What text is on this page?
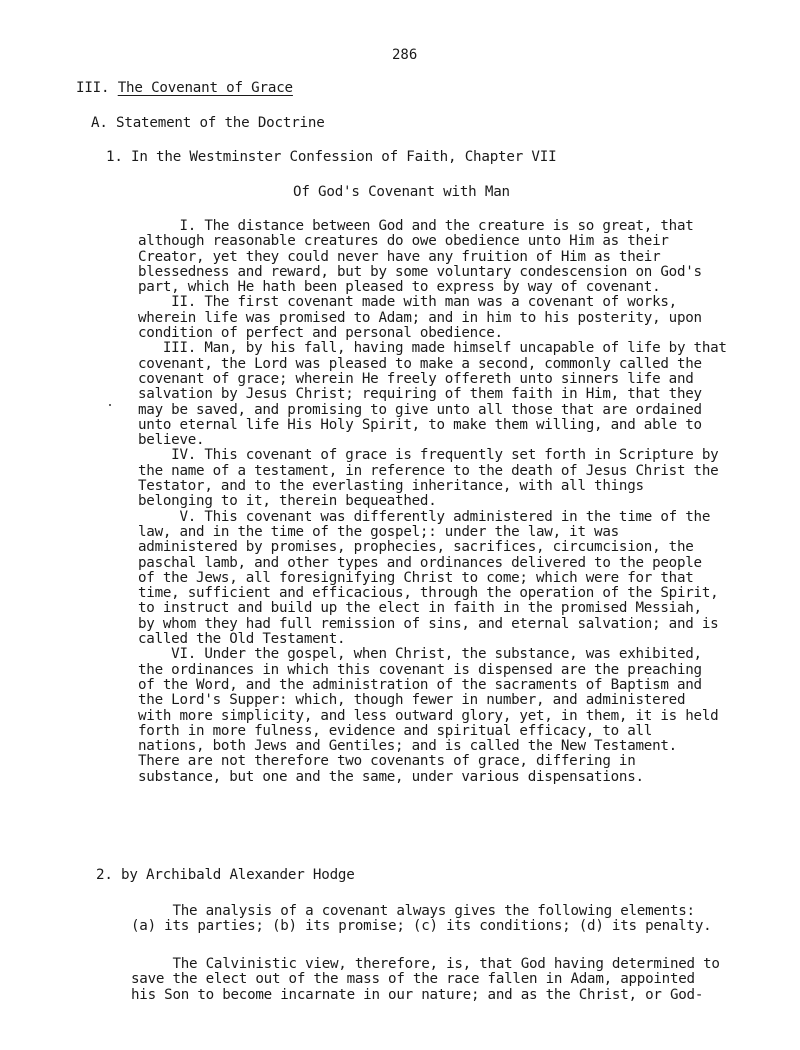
286
III. The Covenant of Grace
A. Statement of the Doctrine
1. In the Westminster Confession of Faith, Chapter VII
Of God's Covenant with Man
I. The distance between God and the creature is so great, that
although reasonable creatures do owe obedience unto Him as their
Creator, yet they could never have any fruition of Him as their
blessedness and reward, but by some voluntary condescension on God's
part, which He hath been pleased to express by way of covenant.
II. The first covenant made with man was a covenant of works,
wherein life was promised to Adam; and in him to his posterity, upon
condition of perfect and personal obedience.
III. Man, by his fall, having made himself uncapable of life by that
covenant, the Lord was pleased to make a second, commonly called the
covenant of grace; wherein He freely offereth unto sinners life and
salvation by Jesus Christ; requiring of them faith in Him, that they
may be saved, and promising to give unto all those that are ordained
unto eternal life His Holy Spirit, to make them willing, and able to
believe.
IV. This covenant of grace is frequently set forth in Scripture by
the name of a testament, in reference to the death of Jesus Christ the
Testator, and to the everlasting inheritance, with all things
belonging to it, therein bequeathed.
V. This covenant was differently administered in the time of the
law, and in the time of the gospel;: under the law, it was
administered by promises, prophecies, sacrifices, circumcision, the
paschal lamb, and other types and ordinances delivered to the people
of the Jews, all foresignifying Christ to come; which were for that
time, sufficient and efficacious, through the operation of the Spirit,
to instruct and build up the elect in faith in the promised Messiah,
by whom they had full remission of sins, and eternal salvation; and is
called the Old Testament.
VI. Under the gospel, when Christ, the substance, was exhibited,
the ordinances in which this covenant is dispensed are the preaching
of the Word, and the administration of the sacraments of Baptism and
the Lord's Supper: which, though fewer in number, and administered
with more simplicity, and less outward glory, yet, in them, it is held
forth in more fulness, evidence and spiritual efficacy, to all
nations, both Jews and Gentiles; and is called the New Testament.
There are not therefore two covenants of grace, differing in
substance, but one and the same, under various dispensations.
2. by Archibald Alexander Hodge
The analysis of a covenant always gives the following elements:
(a) its parties; (b) its promise; (c) its conditions; (d) its penalty.
The Calvinistic view, therefore, is, that God having determined to
save the elect out of the mass of the race fallen in Adam, appointed
his Son to become incarnate in our nature; and as the Christ, or God-
